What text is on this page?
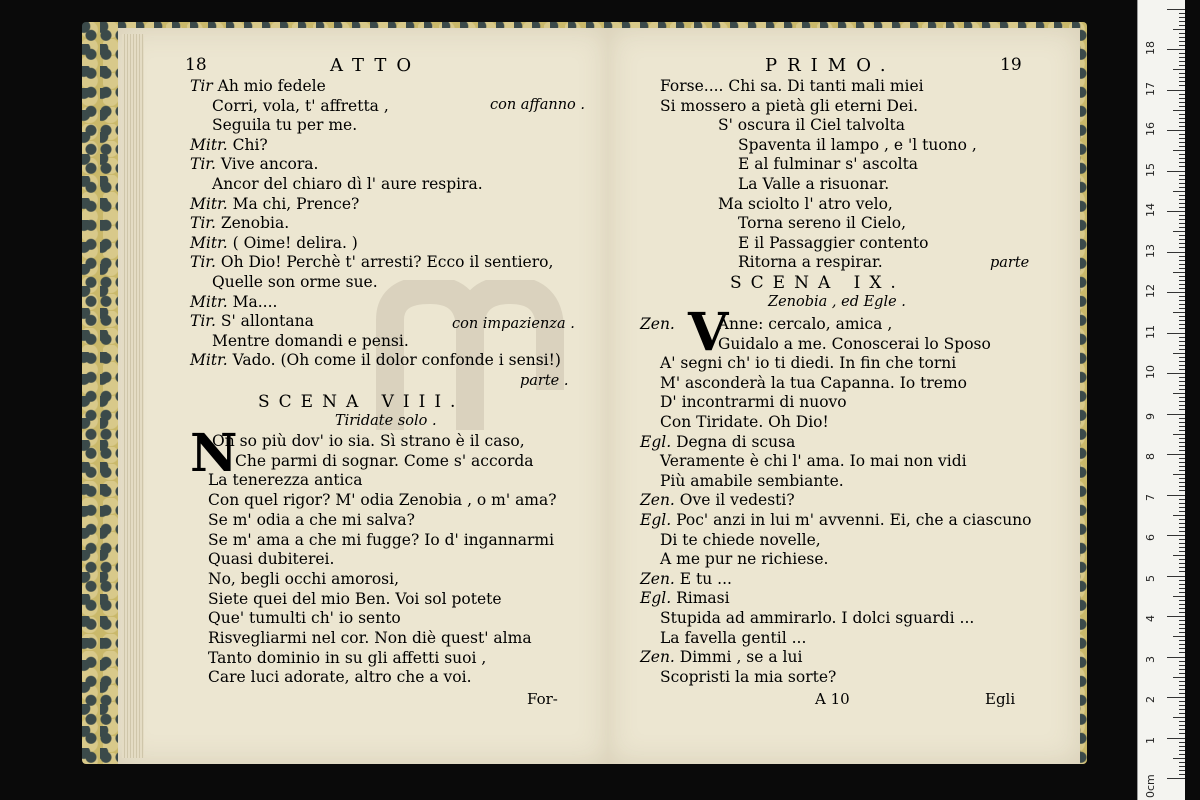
18	ATTO
Tir Ah mio fedele
Corri, vola, t' affretta ,
Seguila tu per me.
Mitr. Chi?
Tir. Vive ancora.
Ancor del chiaro dì l' aure respira.
Mitr. Ma chi, Prence?
Tir. Zenobia.
Mitr. ( Oime! delira. )
Tir. Oh Dio! Perchè t' arresti? Ecco il sentiero,
Quelle son orme sue.
Mitr. Ma....
Tir. S' allontana
Mentre domandi e pensi.
Mitr. Vado. (Oh come il dolor confonde i sensi!)
con affanno .
con impazienza .
parte .
SCENA VIII.
Tiridate solo .
N
On so più dov' io sia. Sì strano è il caso,
Che parmi di sognar. Come s' accorda
La tenerezza antica
Con quel rigor? M' odia Zenobia , o m' ama?
Se m' odia a che mi salva?
Se m' ama a che mi fugge? Io d' ingannarmi
Quasi dubiterei.
No, begli occhi amorosi,
Siete quei del mio Ben. Voi sol potete
Que' tumulti ch' io sento
Risvegliarmi nel cor. Non diè quest' alma
Tanto dominio in su gli affetti suoi ,
Care luci adorate, altro che a voi.
For-
PRIMO.	19
Forse.... Chi sa. Di tanti mali miei
Si mossero a pietà gli eterni Dei.
S' oscura il Ciel talvolta
Spaventa il lampo , e 'l tuono ,
E al fulminar s' ascolta
La Valle a risuonar.
Ma sciolto l' atro velo,
Torna sereno il Cielo,
E il Passaggier contento
Ritorna a respirar.	parte
SCENA IX.
Zenobia , ed Egle .
V
Zen. Anne: cercalo, amica ,
Guidalo a me. Conoscerai lo Sposo
A' segni ch' io ti diedi. In fin che torni
M' asconderà la tua Capanna. Io tremo
D' incontrarmi di nuovo
Con Tiridate. Oh Dio!
Egl. Degna di scusa
Veramente è chi l' ama. Io mai non vidi
Più amabile sembiante.
Zen. Ove il vedesti?
Egl. Poc' anzi in lui m' avvenni. Ei, che a ciascuno
Di te chiede novelle,
A me pur ne richiese.
Zen. E tu ...
Egl. Rimasi
Stupida ad ammirarlo. I dolci sguardi ...
La favella gentil ...
Zen. Dimmi , se a lui
Scopristi la mia sorte?
A 10	Egli
0cm
1
2
3
4
5
6
7
8
9
10
11
12
13
14
15
16
17
18
